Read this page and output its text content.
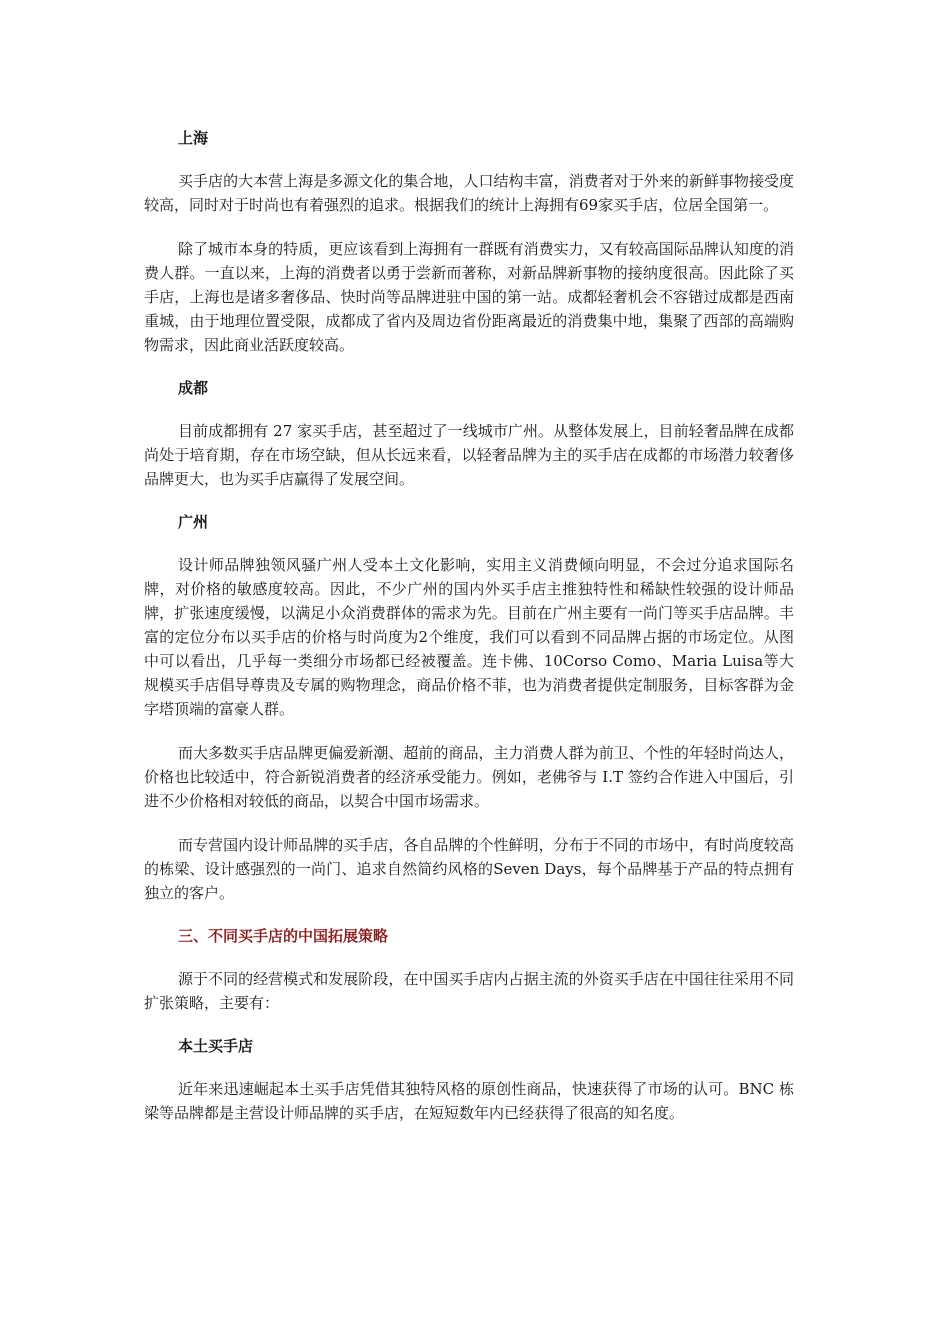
上海

买手店的大本营上海是多源文化的集合地，人口结构丰富，消费者对于外来的新鲜事物接受度较高，同时对于时尚也有着强烈的追求。根据我们的统计上海拥有69家买手店，位居全国第一。

除了城市本身的特质，更应该看到上海拥有一群既有消费实力，又有较高国际品牌认知度的消费人群。一直以来，上海的消费者以勇于尝新而著称，对新品牌新事物的接纳度很高。因此除了买手店，上海也是诸多奢侈品、快时尚等品牌进驻中国的第一站。成都轻奢机会不容错过成都是西南重城，由于地理位置受限，成都成了省内及周边省份距离最近的消费集中地，集聚了西部的高端购物需求，因此商业活跃度较高。

成都

目前成都拥有 27 家买手店，甚至超过了一线城市广州。从整体发展上，目前轻奢品牌在成都尚处于培育期，存在市场空缺，但从长远来看，以轻奢品牌为主的买手店在成都的市场潜力较奢侈品牌更大，也为买手店赢得了发展空间。

广州

设计师品牌独领风骚广州人受本土文化影响，实用主义消费倾向明显，不会过分追求国际名牌，对价格的敏感度较高。因此，不少广州的国内外买手店主推独特性和稀缺性较强的设计师品牌，扩张速度缓慢，以满足小众消费群体的需求为先。目前在广州主要有一尚门等买手店品牌。丰富的定位分布以买手店的价格与时尚度为2个维度，我们可以看到不同品牌占据的市场定位。从图中可以看出，几乎每一类细分市场都已经被覆盖。连卡佛、10Corso Como、Maria Luisa等大规模买手店倡导尊贵及专属的购物理念，商品价格不菲，也为消费者提供定制服务，目标客群为金字塔顶端的富豪人群。

而大多数买手店品牌更偏爱新潮、超前的商品，主力消费人群为前卫、个性的年轻时尚达人，价格也比较适中，符合新锐消费者的经济承受能力。例如，老佛爷与 I.T 签约合作进入中国后，引进不少价格相对较低的商品，以契合中国市场需求。

而专营国内设计师品牌的买手店，各自品牌的个性鲜明，分布于不同的市场中，有时尚度较高的栋梁、设计感强烈的一尚门、追求自然简约风格的Seven Days，每个品牌基于产品的特点拥有独立的客户。

三、不同买手店的中国拓展策略

源于不同的经营模式和发展阶段，在中国买手店内占据主流的外资买手店在中国往往采用不同扩张策略，主要有：

本土买手店

近年来迅速崛起本土买手店凭借其独特风格的原创性商品，快速获得了市场的认可。BNC 栋梁等品牌都是主营设计师品牌的买手店，在短短数年内已经获得了很高的知名度。
